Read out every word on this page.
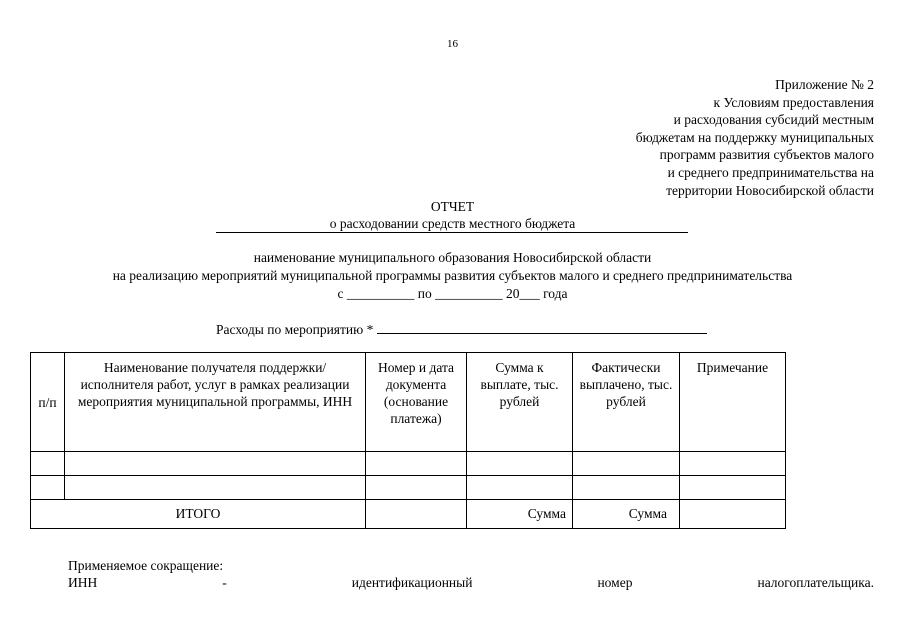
16
Приложение № 2
к Условиям предоставления
и расходования субсидий местным
бюджетам на поддержку муниципальных
программ развития субъектов малого
и среднего предпринимательства на
территории Новосибирской области
ОТЧЕТ
о расходовании средств местного бюджета
наименование муниципального образования Новосибирской области
на реализацию мероприятий муниципальной программы развития субъектов малого и среднего предпринимательства
с __________ по __________ 20___ года
Расходы по мероприятию *
п/п	Наименование получателя поддержки/исполнителя работ, услуг в рамках реализации мероприятия муниципальной программы, ИНН	Номер и дата документа (основание платежа)	Сумма к выплате, тыс. рублей	Фактически выплачено, тыс. рублей	Примечание

ИТОГО			Сумма	Сумма	
Применяемое сокращение:
ИНН	-	идентификационный	номер	налогоплательщика.
